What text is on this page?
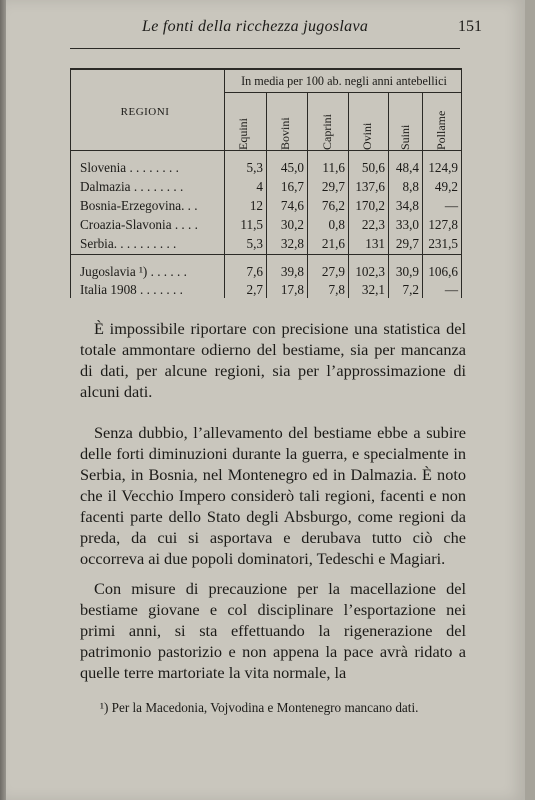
Le fonti della ricchezza jugoslava	151
In media per 100 ab. negli anni antebellici
REGIONI
Equini Bovini Caprini Ovini Suini Pollame
Slovenia . . . . . . . .	5,3	45,0	11,6	50,6 48,4 124,9
Dalmazia . . . . . . . .	4	16,7	29,7 137,6	8,8	49,2
Bosnia-Erzegovina. . .	12	74,6	76,2 170,2 34,8	—
Croazia-Slavonia . . . .	11,5	30,2	0,8	22,3 33,0 127,8
Serbia. . . . . . . . . .	5,3	32,8	21,6	131 29,7 231,5
Jugoslavia ¹) . . . . . .	7,6	39,8	27,9 102,3 30,9 106,6
Italia 1908 . . . . . . .	2,7	17,8	7,8	32,1	7,2	—

È impossibile riportare con precisione una statistica del totale ammontare odierno del bestiame, sia per mancanza di dati, per alcune regioni, sia per l’approssimazione di alcuni dati.

Senza dubbio, l’allevamento del bestiame ebbe a subire delle forti diminuzioni durante la guerra, e specialmente in Serbia, in Bosnia, nel Montenegro ed in Dalmazia. È noto che il Vecchio Impero considerò tali regioni, facenti e non facenti parte dello Stato degli Absburgo, come regioni da preda, da cui si asportava e derubava tutto ciò che occorreva ai due popoli dominatori, Tedeschi e Magiari.

Con misure di precauzione per la macellazione del bestiame giovane e col disciplinare l’esportazione nei primi anni, si sta effettuando la rigenerazione del patrimonio pastorizio e non appena la pace avrà ridato a quelle terre martoriate la vita normale, la

¹) Per la Macedonia, Vojvodina e Montenegro mancano dati.
